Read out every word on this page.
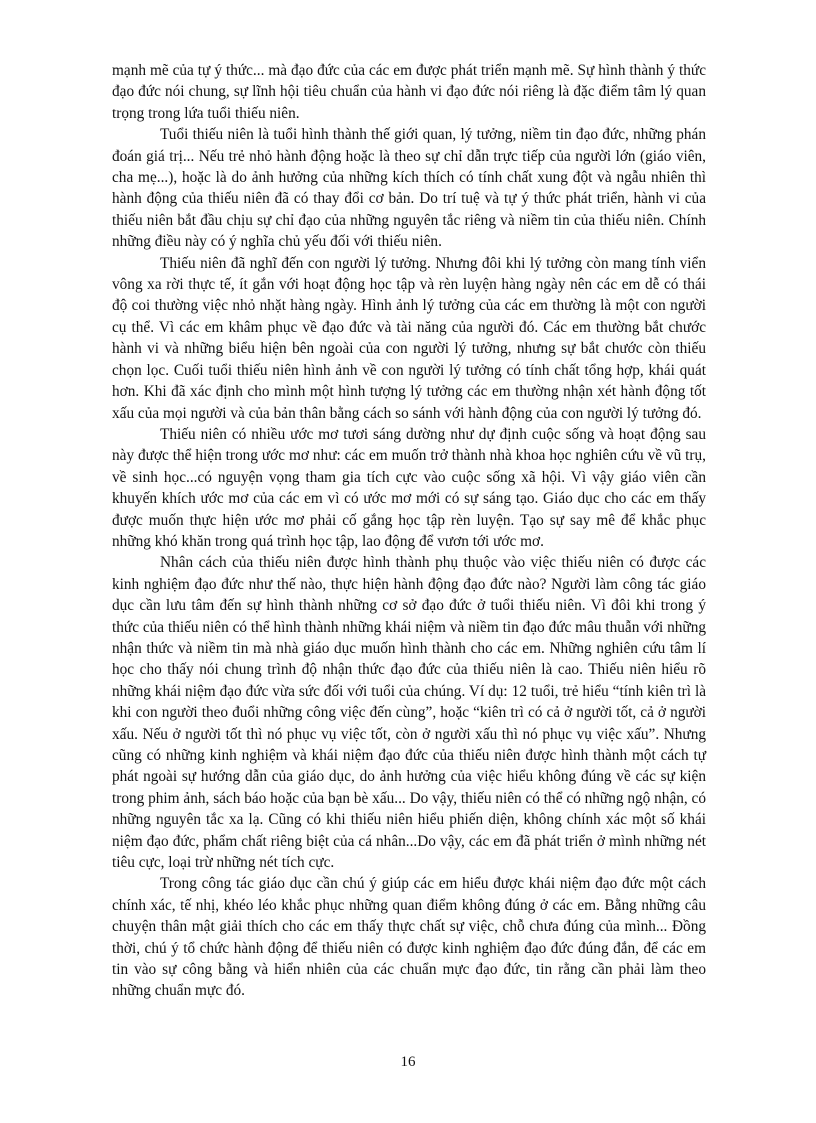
mạnh mẽ của tự ý thức... mà đạo đức của các em được phát triển mạnh mẽ. Sự hình thành ý thức đạo đức nói chung, sự lĩnh hội tiêu chuẩn của hành vi đạo đức nói riêng là đặc điểm tâm lý quan trọng trong lứa tuổi thiếu niên.

Tuổi thiếu niên là tuổi hình thành thế giới quan, lý tưởng, niềm tin đạo đức, những phán đoán giá trị... Nếu trẻ nhỏ hành động hoặc là theo sự chỉ dẫn trực tiếp của người lớn (giáo viên, cha mẹ...), hoặc là do ảnh hưởng của những kích thích có tính chất xung đột và ngẫu nhiên thì hành động của thiếu niên đã có thay đổi cơ bản. Do trí tuệ và tự ý thức phát triển, hành vi của thiếu niên bắt đầu chịu sự chỉ đạo của những nguyên tắc riêng và niềm tin của thiếu niên. Chính những điều này có ý nghĩa chủ yếu đối với thiếu niên.

Thiếu niên đã nghĩ đến con người lý tưởng. Nhưng đôi khi lý tưởng còn mang tính viển vông xa rời thực tế, ít gắn với hoạt động học tập và rèn luyện hàng ngày nên các em dễ có thái độ coi thường việc nhỏ nhặt hàng ngày. Hình ảnh lý tưởng của các em thường là một con người cụ thể. Vì các em khâm phục về đạo đức và tài năng của người đó. Các em thường bắt chước hành vi và những biểu hiện bên ngoài của con người lý tưởng, nhưng sự bắt chước còn thiếu chọn lọc. Cuối tuổi thiếu niên hình ảnh về con người lý tưởng có tính chất tổng hợp, khái quát hơn. Khi đã xác định cho mình một hình tượng lý tưởng các em thường nhận xét hành động tốt xấu của mọi người và của bản thân bằng cách so sánh với hành động của con người lý tưởng đó.

Thiếu niên có nhiều ước mơ tươi sáng dường như dự định cuộc sống và hoạt động sau này được thể hiện trong ước mơ như: các em muốn trở thành nhà khoa học nghiên cứu về vũ trụ, về sinh học...có nguyện vọng tham gia tích cực vào cuộc sống xã hội. Vì vậy giáo viên cần khuyến khích ước mơ của các em vì có ước mơ mới có sự sáng tạo. Giáo dục cho các em thấy được muốn thực hiện ước mơ phải cố gắng học tập rèn luyện. Tạo sự say mê để khắc phục những khó khăn trong quá trình học tập, lao động để vươn tới ước mơ.

Nhân cách của thiếu niên được hình thành phụ thuộc vào việc thiếu niên có được các kinh nghiệm đạo đức như thế nào, thực hiện hành động đạo đức nào? Người làm công tác giáo dục cần lưu tâm đến sự hình thành những cơ sở đạo đức ở tuổi thiếu niên. Vì đôi khi trong ý thức của thiếu niên có thể hình thành những khái niệm và niềm tin đạo đức mâu thuẫn với những nhận thức và niềm tin mà nhà giáo dục muốn hình thành cho các em. Những nghiên cứu tâm lí học cho thấy nói chung trình độ nhận thức đạo đức của thiếu niên là cao. Thiếu niên hiểu rõ những khái niệm đạo đức vừa sức đối với tuổi của chúng. Ví dụ: 12 tuổi, trẻ hiểu “tính kiên trì là khi con người theo đuổi những công việc đến cùng”, hoặc “kiên trì có cả ở người tốt, cả ở người xấu. Nếu ở người tốt thì nó phục vụ việc tốt, còn ở người xấu thì nó phục vụ việc xấu”. Nhưng cũng có những kinh nghiệm và khái niệm đạo đức của thiếu niên được hình thành một cách tự phát ngoài sự hướng dẫn của giáo dục, do ảnh hưởng của việc hiểu không đúng về các sự kiện trong phim ảnh, sách báo hoặc của bạn bè xấu... Do vậy, thiếu niên có thể có những ngộ nhận, có những nguyên tắc xa lạ. Cũng có khi thiếu niên hiểu phiến diện, không chính xác một số khái niệm đạo đức, phẩm chất riêng biệt của cá nhân...Do vậy, các em đã phát triển ở mình những nét tiêu cực, loại trừ những nét tích cực.

Trong công tác giáo dục cần chú ý giúp các em hiểu được khái niệm đạo đức một cách chính xác, tế nhị, khéo léo khắc phục những quan điểm không đúng ở các em. Bằng những câu chuyện thân mật giải thích cho các em thấy thực chất sự việc, chỗ chưa đúng của mình... Đồng thời, chú ý tổ chức hành động để thiếu niên có được kinh nghiệm đạo đức đúng đắn, để các em tin vào sự công bằng và hiển nhiên của các chuẩn mực đạo đức, tin rằng cần phải làm theo những chuẩn mực đó.

16
